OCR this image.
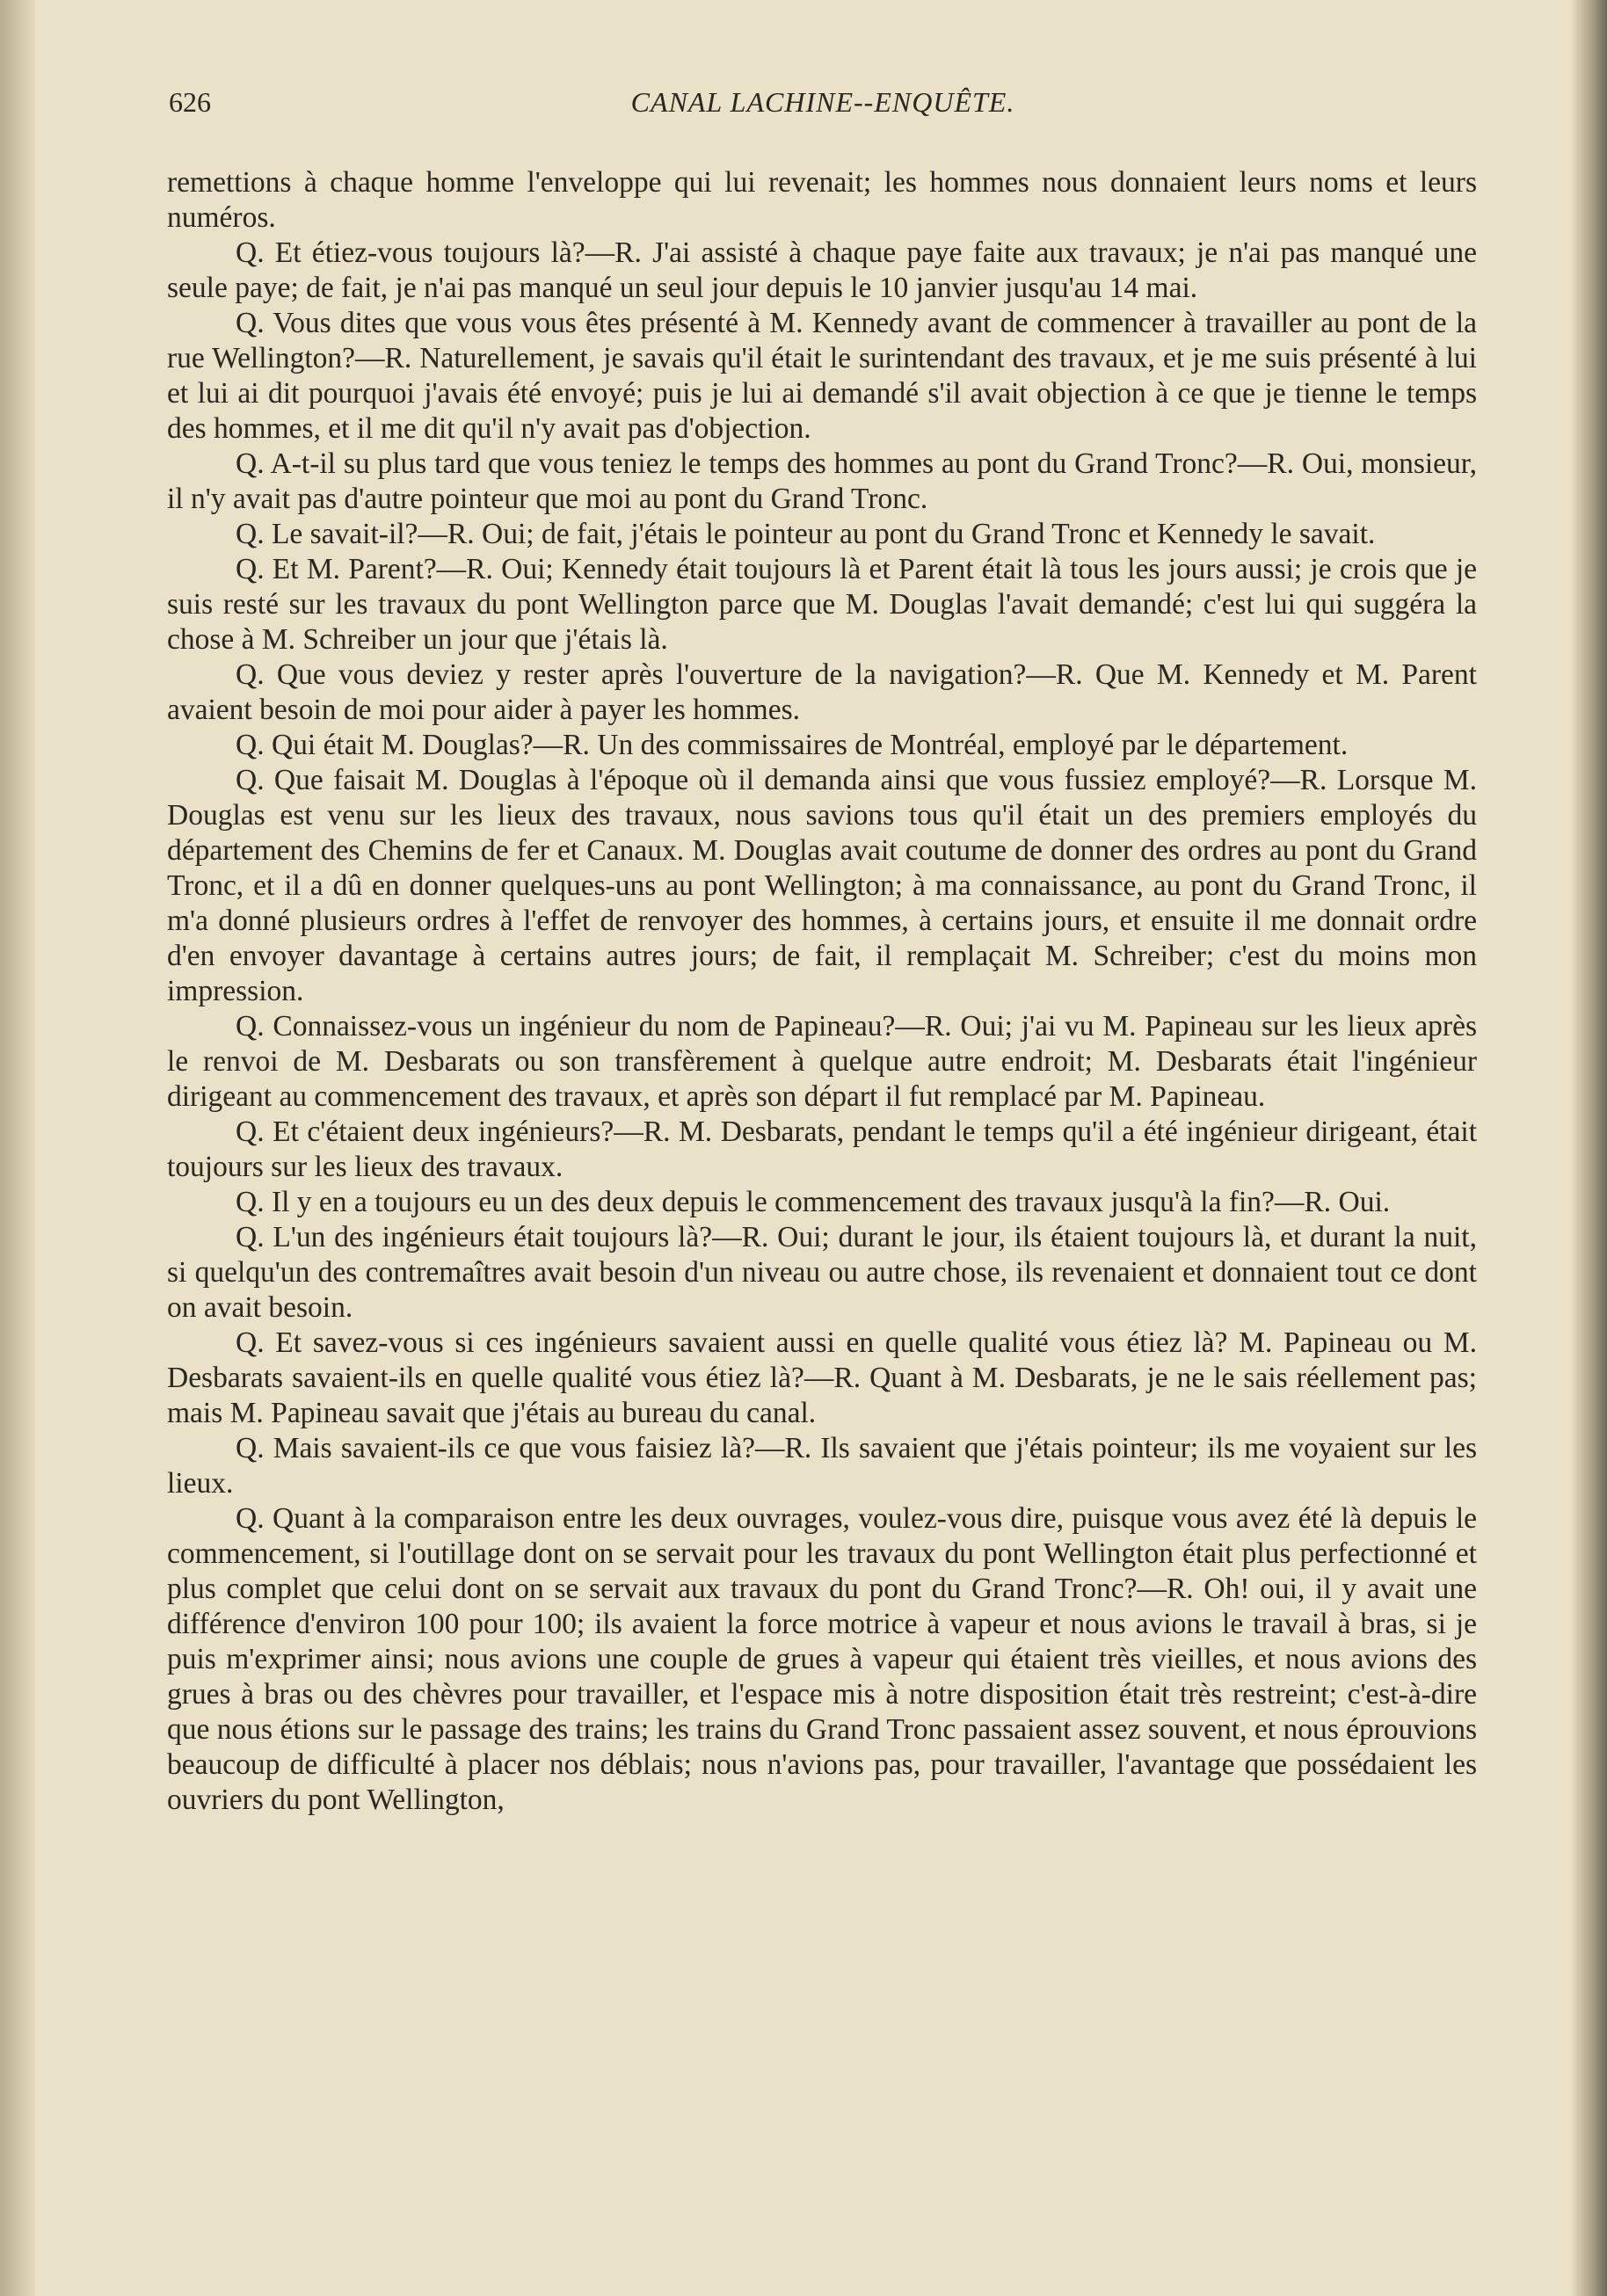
626	CANAL LACHINE--ENQUÊTE.

remettions à chaque homme l'enveloppe qui lui revenait; les hommes nous donnaient leurs noms et leurs numéros.

Q. Et étiez-vous toujours là?—R. J'ai assisté à chaque paye faite aux travaux; je n'ai pas manqué une seule paye; de fait, je n'ai pas manqué un seul jour depuis le 10 janvier jusqu'au 14 mai.

Q. Vous dites que vous vous êtes présenté à M. Kennedy avant de commencer à travailler au pont de la rue Wellington?—R. Naturellement, je savais qu'il était le surintendant des travaux, et je me suis présenté à lui et lui ai dit pourquoi j'avais été envoyé; puis je lui ai demandé s'il avait objection à ce que je tienne le temps des hommes, et il me dit qu'il n'y avait pas d'objection.

Q. A-t-il su plus tard que vous teniez le temps des hommes au pont du Grand Tronc?—R. Oui, monsieur, il n'y avait pas d'autre pointeur que moi au pont du Grand Tronc.

Q. Le savait-il?—R. Oui; de fait, j'étais le pointeur au pont du Grand Tronc et Kennedy le savait.

Q. Et M. Parent?—R. Oui; Kennedy était toujours là et Parent était là tous les jours aussi; je crois que je suis resté sur les travaux du pont Wellington parce que M. Douglas l'avait demandé; c'est lui qui suggéra la chose à M. Schreiber un jour que j'étais là.

Q. Que vous deviez y rester après l'ouverture de la navigation?—R. Que M. Kennedy et M. Parent avaient besoin de moi pour aider à payer les hommes.

Q. Qui était M. Douglas?—R. Un des commissaires de Montréal, employé par le département.

Q. Que faisait M. Douglas à l'époque où il demanda ainsi que vous fussiez employé?—R. Lorsque M. Douglas est venu sur les lieux des travaux, nous savions tous qu'il était un des premiers employés du département des Chemins de fer et Canaux. M. Douglas avait coutume de donner des ordres au pont du Grand Tronc, et il a dû en donner quelques-uns au pont Wellington; à ma connaissance, au pont du Grand Tronc, il m'a donné plusieurs ordres à l'effet de renvoyer des hommes, à certains jours, et ensuite il me donnait ordre d'en envoyer davantage à certains autres jours; de fait, il remplaçait M. Schreiber; c'est du moins mon impression.

Q. Connaissez-vous un ingénieur du nom de Papineau?—R. Oui; j'ai vu M. Papineau sur les lieux après le renvoi de M. Desbarats ou son transfèrement à quelque autre endroit; M. Desbarats était l'ingénieur dirigeant au commencement des travaux, et après son départ il fut remplacé par M. Papineau.

Q. Et c'étaient deux ingénieurs?—R. M. Desbarats, pendant le temps qu'il a été ingénieur dirigeant, était toujours sur les lieux des travaux.

Q. Il y en a toujours eu un des deux depuis le commencement des travaux jusqu'à la fin?—R. Oui.

Q. L'un des ingénieurs était toujours là?—R. Oui; durant le jour, ils étaient toujours là, et durant la nuit, si quelqu'un des contremaîtres avait besoin d'un niveau ou autre chose, ils revenaient et donnaient tout ce dont on avait besoin.

Q. Et savez-vous si ces ingénieurs savaient aussi en quelle qualité vous étiez là? M. Papineau ou M. Desbarats savaient-ils en quelle qualité vous étiez là?—R. Quant à M. Desbarats, je ne le sais réellement pas; mais M. Papineau savait que j'étais au bureau du canal.

Q. Mais savaient-ils ce que vous faisiez là?—R. Ils savaient que j'étais pointeur; ils me voyaient sur les lieux.

Q. Quant à la comparaison entre les deux ouvrages, voulez-vous dire, puisque vous avez été là depuis le commencement, si l'outillage dont on se servait pour les travaux du pont Wellington était plus perfectionné et plus complet que celui dont on se servait aux travaux du pont du Grand Tronc?—R. Oh! oui, il y avait une différence d'environ 100 pour 100; ils avaient la force motrice à vapeur et nous avions le travail à bras, si je puis m'exprimer ainsi; nous avions une couple de grues à vapeur qui étaient très vieilles, et nous avions des grues à bras ou des chèvres pour travailler, et l'espace mis à notre disposition était très restreint; c'est-à-dire que nous étions sur le passage des trains; les trains du Grand Tronc passaient assez souvent, et nous éprouvions beaucoup de difficulté à placer nos déblais; nous n'avions pas, pour travailler, l'avantage que possédaient les ouvriers du pont Wellington,
